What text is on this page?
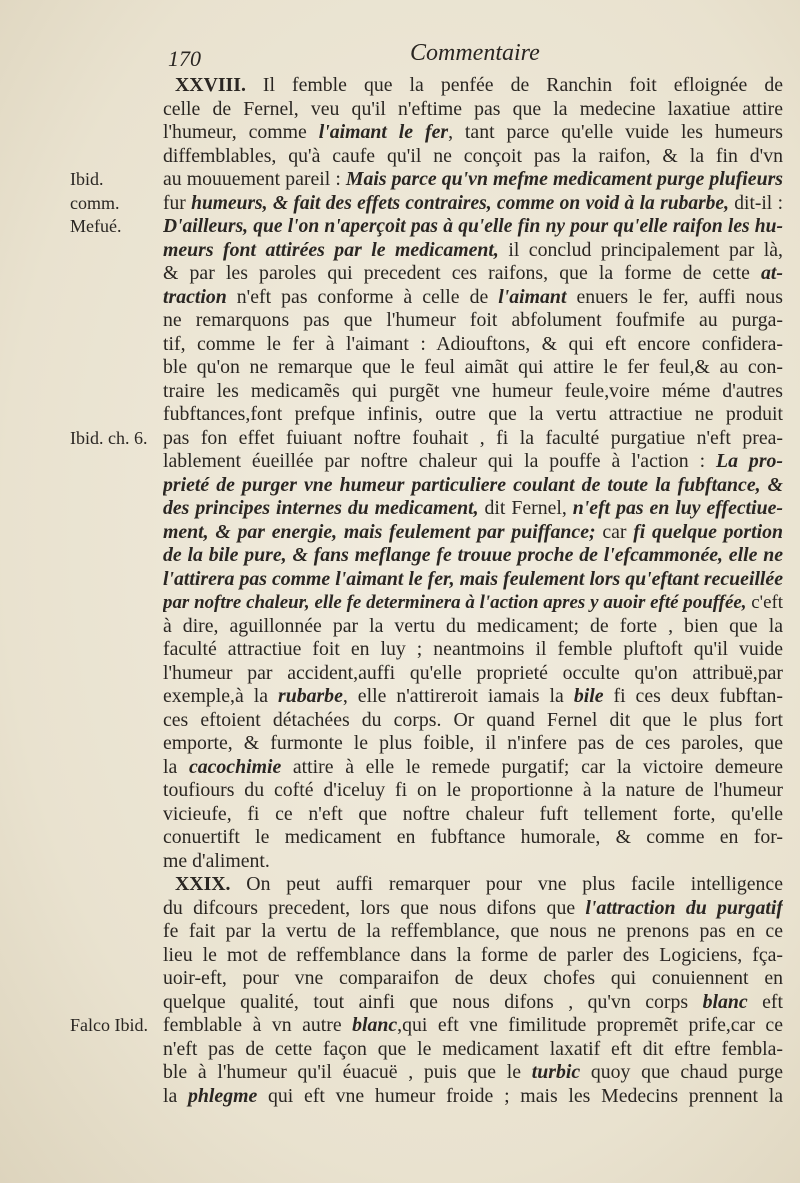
170	Commentaire
XXVIII. Il femble que la penfée de Ranchin foit efloignée de
celle de Fernel, veu qu'il n'eftime pas que la medecine laxatiue attire
l'humeur, comme l'aimant le fer, tant parce qu'elle vuide les humeurs
diffemblables, qu'à caufe qu'il ne conçoit pas la raifon, & la fin d'vn
au mouuement pareil : Mais parce qu'vn mefme medicament purge plufieurs
fur humeurs, & fait des effets contraires, comme on void à la rubarbe, dit-il :
D'ailleurs, que l'on n'aperçoit pas à qu'elle fin ny pour qu'elle raifon les hu-
meurs font attirées par le medicament, il conclud principalement par là,
& par les paroles qui precedent ces raifons, que la forme de cette at-
traction n'eft pas conforme à celle de l'aimant enuers le fer, auffi nous
ne remarquons pas que l'humeur foit abfolument foufmife au purga-
tif, comme le fer à l'aimant : Adiouftons, & qui eft encore confidera-
ble qu'on ne remarque que le feul aimãt qui attire le fer feul,& au con-
traire les medicamẽs qui purgẽt vne humeur feule,voire méme d'autres
fubftances,font prefque infinis, outre que la vertu attractiue ne produit
pas fon effet fuiuant noftre fouhait , fi la faculté purgatiue n'eft prea-
lablement éueillée par noftre chaleur qui la pouffe à l'action : La pro-
prieté de purger vne humeur particuliere coulant de toute la fubftance, &
des principes internes du medicament, dit Fernel, n'eft pas en luy effectiue-
ment, & par energie, mais feulement par puiffance; car fi quelque portion
de la bile pure, & fans meflange fe trouue proche de l'efcammonée, elle ne
l'attirera pas comme l'aimant le fer, mais feulement lors qu'eftant recueillée
par noftre chaleur, elle fe determinera à l'action apres y auoir efté pouffée, c'eft
à dire, aguillonnée par la vertu du medicament; de forte , bien que la
faculté attractiue foit en luy ; neantmoins il femble pluftoft qu'il vuide
l'humeur par accident,auffi qu'elle proprieté occulte qu'on attribuë,par
exemple,à la rubarbe, elle n'attireroit iamais la bile fi ces deux fubftan-
ces eftoient détachées du corps. Or quand Fernel dit que le plus fort
emporte, & furmonte le plus foible, il n'infere pas de ces paroles, que
la cacochimie attire à elle le remede purgatif; car la victoire demeure
toufiours du cofté d'iceluy fi on le proportionne à la nature de l'humeur
vicieufe, fi ce n'eft que noftre chaleur fuft tellement forte, qu'elle
conuertift le medicament en fubftance humorale, & comme en for-
me d'aliment.
XXIX. On peut auffi remarquer pour vne plus facile intelligence
du difcours precedent, lors que nous difons que l'attraction du purgatif
fe fait par la vertu de la reffemblance, que nous ne prenons pas en ce
lieu le mot de reffemblance dans la forme de parler des Logiciens, fça-
uoir-eft, pour vne comparaifon de deux chofes qui conuiennent en
quelque qualité, tout ainfi que nous difons , qu'vn corps blanc eft
femblable à vn autre blanc,qui eft vne fimilitude propremẽt prife,car ce
n'eft pas de cette façon que le medicament laxatif eft dit eftre fembla-
ble à l'humeur qu'il éuacuë , puis que le turbic quoy que chaud purge
la phlegme qui eft vne humeur froide ; mais les Medecins prennent la
Ibid.
comm.
Mefué.
Ibid. ch. 6.
Falco Ibid.
